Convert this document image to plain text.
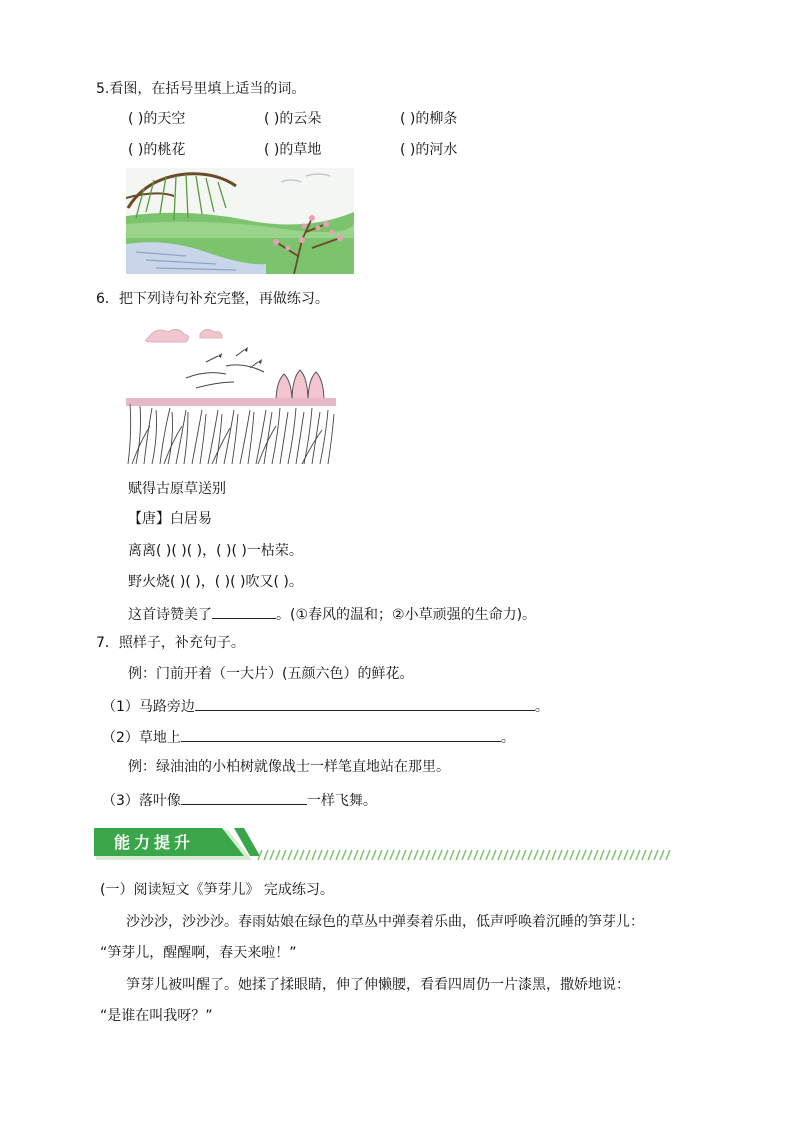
5.看图，在括号里填上适当的词。
( )的天空	( )的云朵	( )的柳条
( )的桃花	( )的草地	( )的河水
6．把下列诗句补充完整，再做练习。
赋得古原草送别
【唐】白居易
离离( )( )( )，( )( )一枯荣。
野火烧( )( )，( )( )吹又( )。
这首诗赞美了	。(①春风的温和；②小草顽强的生命力)。
7．照样子，补充句子。
例：门前开着（一大片）(五颜六色）的鲜花。
（1）马路旁边	。
（2）草地上	。
例：绿油油的小柏树就像战士一样笔直地站在那里。
（3）落叶像	一样飞舞。
能力提升
(一）阅读短文《笋芽儿》 完成练习。
沙沙沙，沙沙沙。春雨姑娘在绿色的草丛中弹奏着乐曲，低声呼唤着沉睡的笋芽儿：
“笋芽儿，醒醒啊，春天来啦！”
笋芽儿被叫醒了。她揉了揉眼睛，伸了伸懒腰，看看四周仍一片漆黑，撒娇地说：
“是谁在叫我呀？”
